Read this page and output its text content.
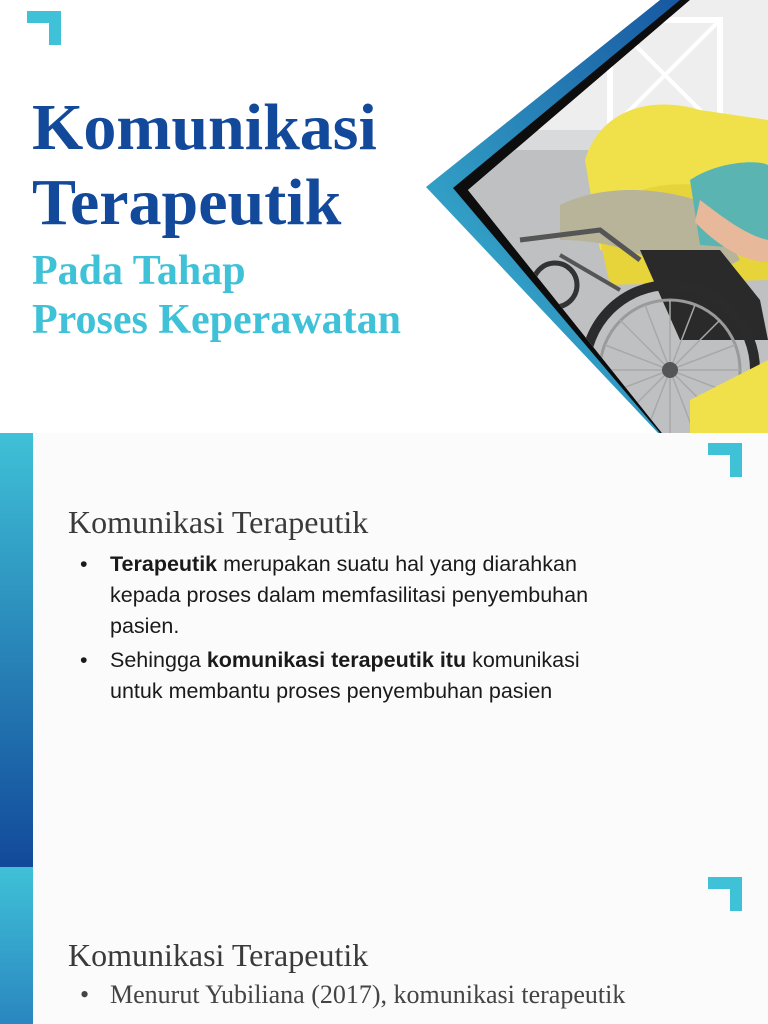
Komunikasi
Terapeutik
Pada Tahap
Proses Keperawatan
Komunikasi Terapeutik
• Terapeutik merupakan suatu hal yang diarahkan
kepada proses dalam memfasilitasi penyembuhan
pasien.
• Sehingga komunikasi terapeutik itu komunikasi
untuk membantu proses penyembuhan pasien
Komunikasi Terapeutik
• Menurut Yubiliana (2017), komunikasi terapeutik
